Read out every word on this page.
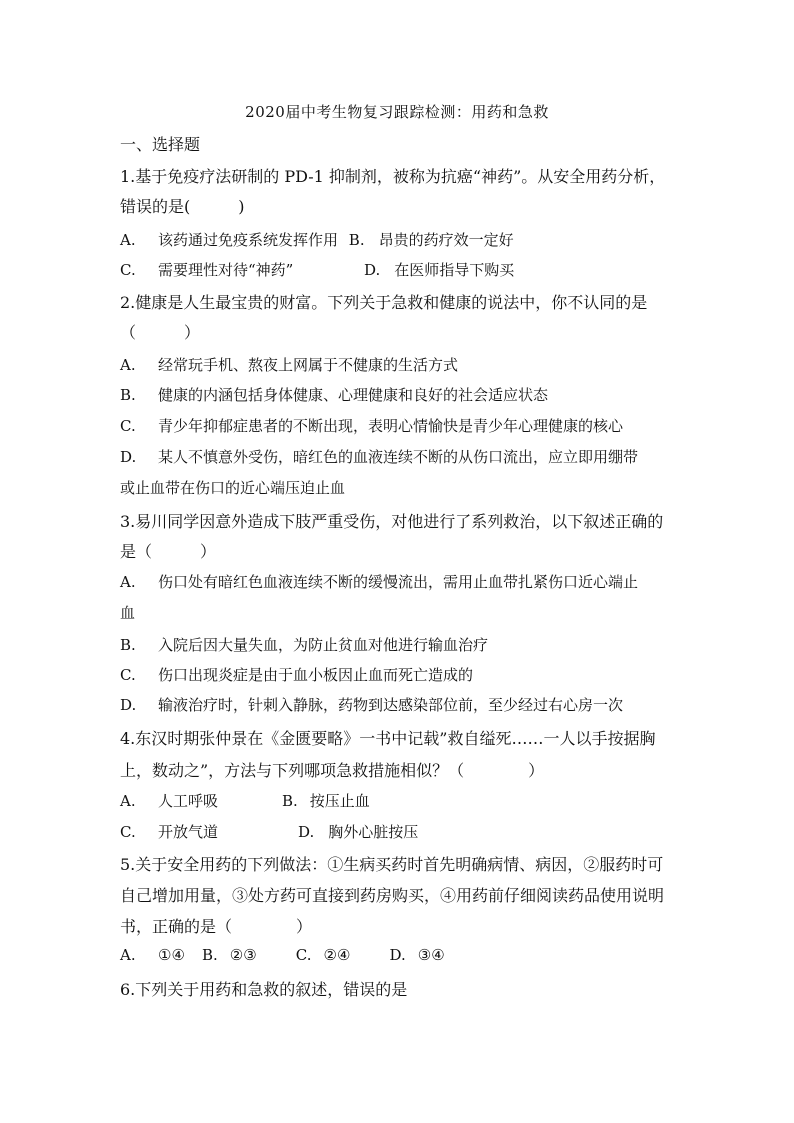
2020届中考生物复习跟踪检测：用药和急救
一、选择题
1.基于免疫疗法研制的 PD-1 抑制剂，被称为抗癌“神药”。从安全用药分析，
错误的是(　　　)
A. 该药通过免疫系统发挥作用 B. 昂贵的药疗效一定好
C. 需要理性对待“神药”	D. 在医师指导下购买
2.健康是人生最宝贵的财富。下列关于急救和健康的说法中，你不认同的是
（　　　）
A. 经常玩手机、熬夜上网属于不健康的生活方式
B. 健康的内涵包括身体健康、心理健康和良好的社会适应状态
C. 青少年抑郁症患者的不断出现，表明心情愉快是青少年心理健康的核心
D. 某人不慎意外受伤，暗红色的血液连续不断的从伤口流出，应立即用绷带
或止血带在伤口的近心端压迫止血
3.易川同学因意外造成下肢严重受伤，对他进行了系列救治，以下叙述正确的
是（　　　）
A. 伤口处有暗红色血液连续不断的缓慢流出，需用止血带扎紧伤口近心端止
血
B. 入院后因大量失血，为防止贫血对他进行输血治疗
C. 伤口出现炎症是由于血小板因止血而死亡造成的
D. 输液治疗时，针刺入静脉，药物到达感染部位前，至少经过右心房一次
4.东汉时期张仲景在《金匮要略》一书中记载”救自缢死……一人以手按据胸
上，数动之”，方法与下列哪项急救措施相似？（　　　　）
A. 人工呼吸	B. 按压止血
C. 开放气道	D. 胸外心脏按压
5.关于安全用药的下列做法：①生病买药时首先明确病情、病因，②服药时可
自己增加用量，③处方药可直接到药房购买，④用药前仔细阅读药品使用说明
书，正确的是（　　　　）
A. ①④ B. ②③	C. ②④	D. ③④
6.下列关于用药和急救的叙述，错误的是
